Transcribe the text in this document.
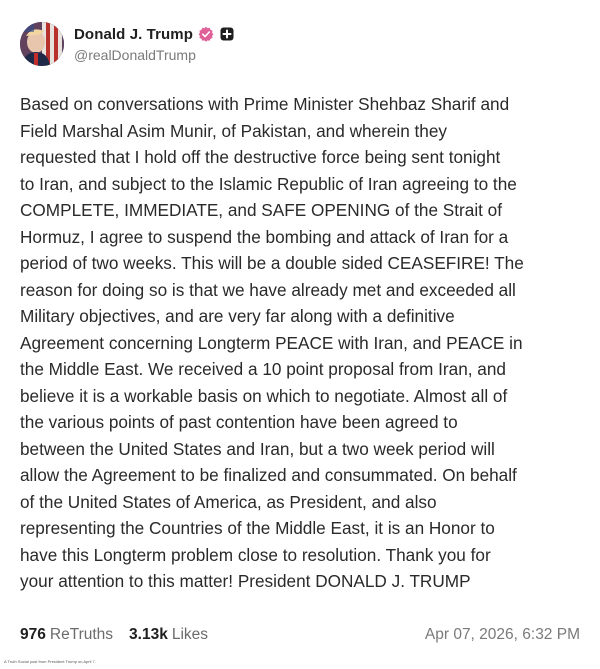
Donald J. Trump
@realDonaldTrump
Based on conversations with Prime Minister Shehbaz Sharif and
Field Marshal Asim Munir, of Pakistan, and wherein they
requested that I hold off the destructive force being sent tonight
to Iran, and subject to the Islamic Republic of Iran agreeing to the
COMPLETE, IMMEDIATE, and SAFE OPENING of the Strait of
Hormuz, I agree to suspend the bombing and attack of Iran for a
period of two weeks. This will be a double sided CEASEFIRE! The
reason for doing so is that we have already met and exceeded all
Military objectives, and are very far along with a definitive
Agreement concerning Longterm PEACE with Iran, and PEACE in
the Middle East. We received a 10 point proposal from Iran, and
believe it is a workable basis on which to negotiate. Almost all of
the various points of past contention have been agreed to
between the United States and Iran, but a two week period will
allow the Agreement to be finalized and consummated. On behalf
of the United States of America, as President, and also
representing the Countries of the Middle East, it is an Honor to
have this Longterm problem close to resolution. Thank you for
your attention to this matter! President DONALD J. TRUMP
976 ReTruths 3.13k Likes	Apr 07, 2026, 6:32 PM
A Truth Social post from President Trump on April 7.
